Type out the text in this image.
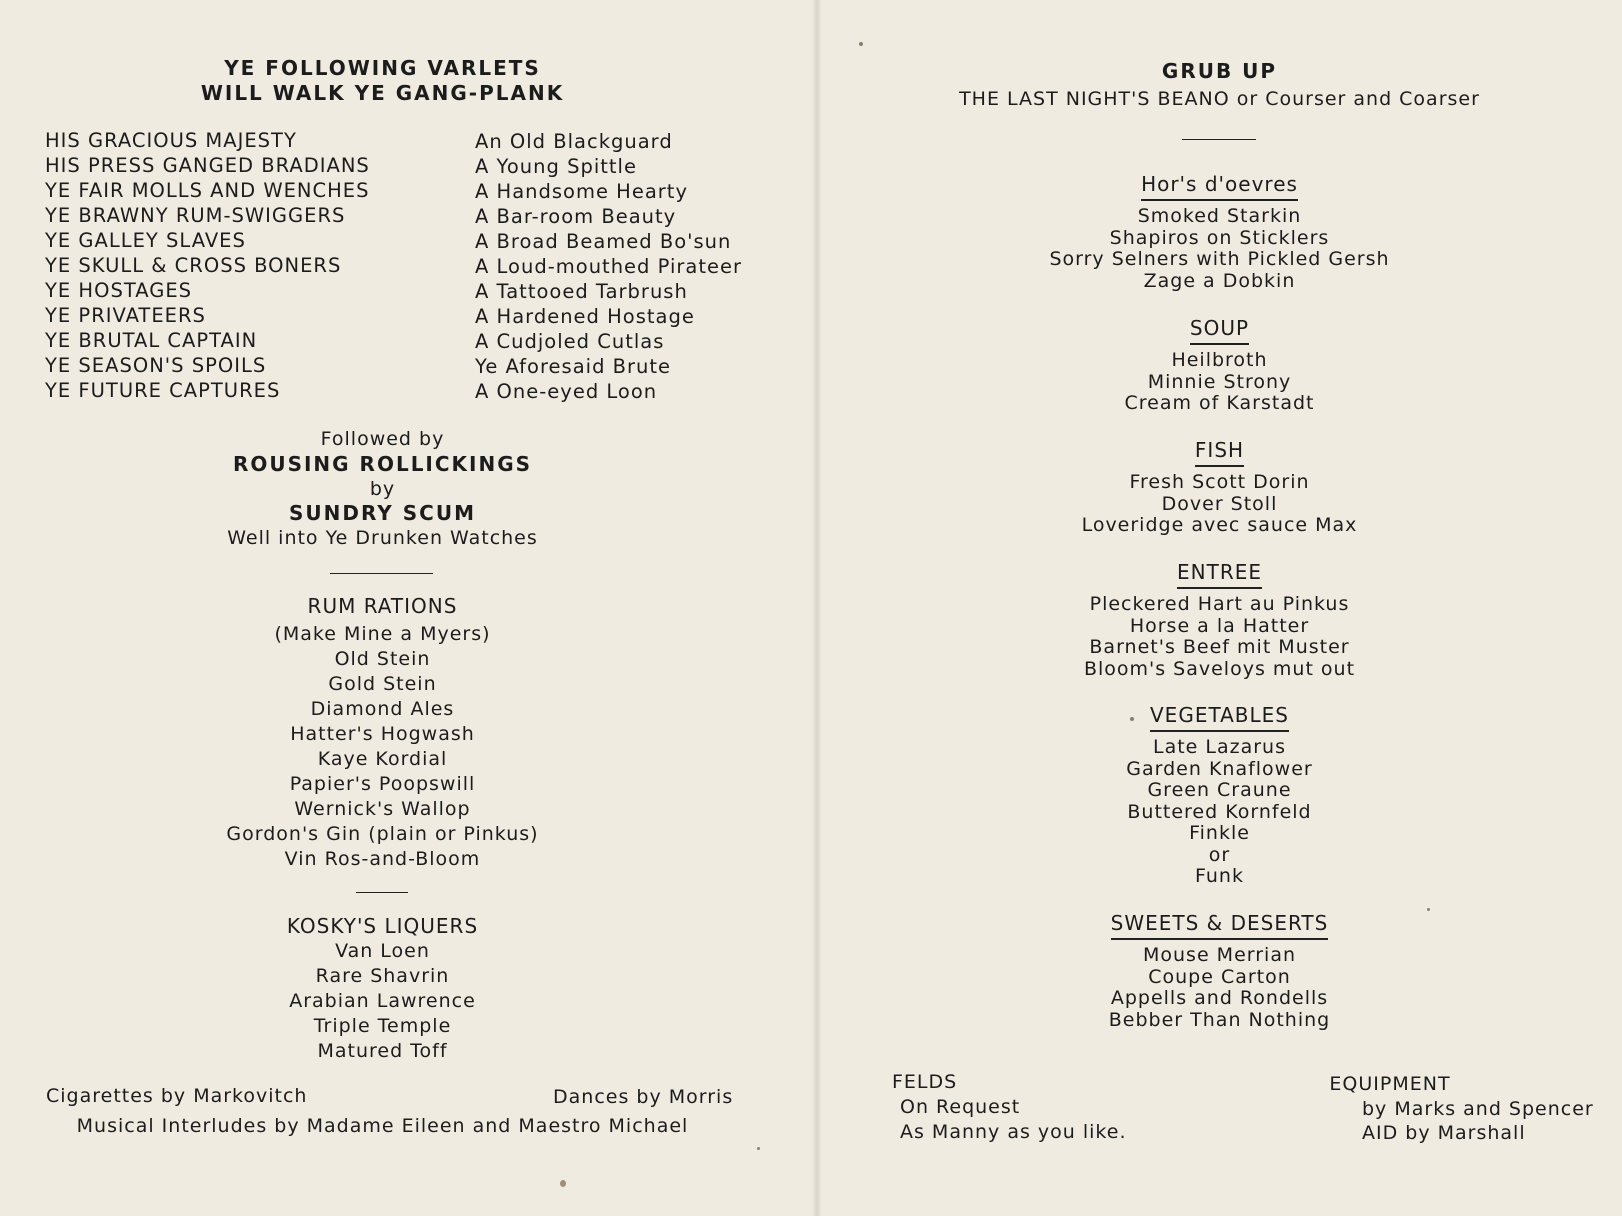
YE FOLLOWING VARLETS
WILL WALK YE GANG-PLANK
HIS GRACIOUS MAJESTY
HIS PRESS GANGED BRADIANS
YE FAIR MOLLS AND WENCHES
YE BRAWNY RUM-SWIGGERS
YE GALLEY SLAVES
YE SKULL & CROSS BONERS
YE HOSTAGES
YE PRIVATEERS
YE BRUTAL CAPTAIN
YE SEASON'S SPOILS
YE FUTURE CAPTURES
An Old Blackguard
A Young Spittle
A Handsome Hearty
A Bar-room Beauty
A Broad Beamed Bo'sun
A Loud-mouthed Pirateer
A Tattooed Tarbrush
A Hardened Hostage
A Cudjoled Cutlas
Ye Aforesaid Brute
A One-eyed Loon
Followed by
ROUSING ROLLICKINGS
by
SUNDRY SCUM
Well into Ye Drunken Watches
RUM RATIONS
(Make Mine a Myers)
Old Stein
Gold Stein
Diamond Ales
Hatter's Hogwash
Kaye Kordial
Papier's Poopswill
Wernick's Wallop
Gordon's Gin (plain or Pinkus)
Vin Ros-and-Bloom
KOSKY'S LIQUERS
Van Loen
Rare Shavrin
Arabian Lawrence
Triple Temple
Matured Toff
Cigarettes by Markovitch	Dances by Morris
Musical Interludes by Madame Eileen and Maestro Michael
GRUB UP
THE LAST NIGHT'S BEANO or Courser and Coarser
Hor's d'oevres
Smoked Starkin
Shapiros on Sticklers
Sorry Selners with Pickled Gersh
Zage a Dobkin
SOUP
Heilbroth
Minnie Strony
Cream of Karstadt
FISH
Fresh Scott Dorin
Dover Stoll
Loveridge avec sauce Max
ENTREE
Pleckered Hart au Pinkus
Horse a la Hatter
Barnet's Beef mit Muster
Bloom's Saveloys mut out
VEGETABLES
Late Lazarus
Garden Knaflower
Green Craune
Buttered Kornfeld
Finkle
or
Funk
SWEETS & DESERTS
Mouse Merrian
Coupe Carton
Appells and Rondells
Bebber Than Nothing
FELDS
On Request
As Manny as you like.
EQUIPMENT
by Marks and Spencer
AID by Marshall
